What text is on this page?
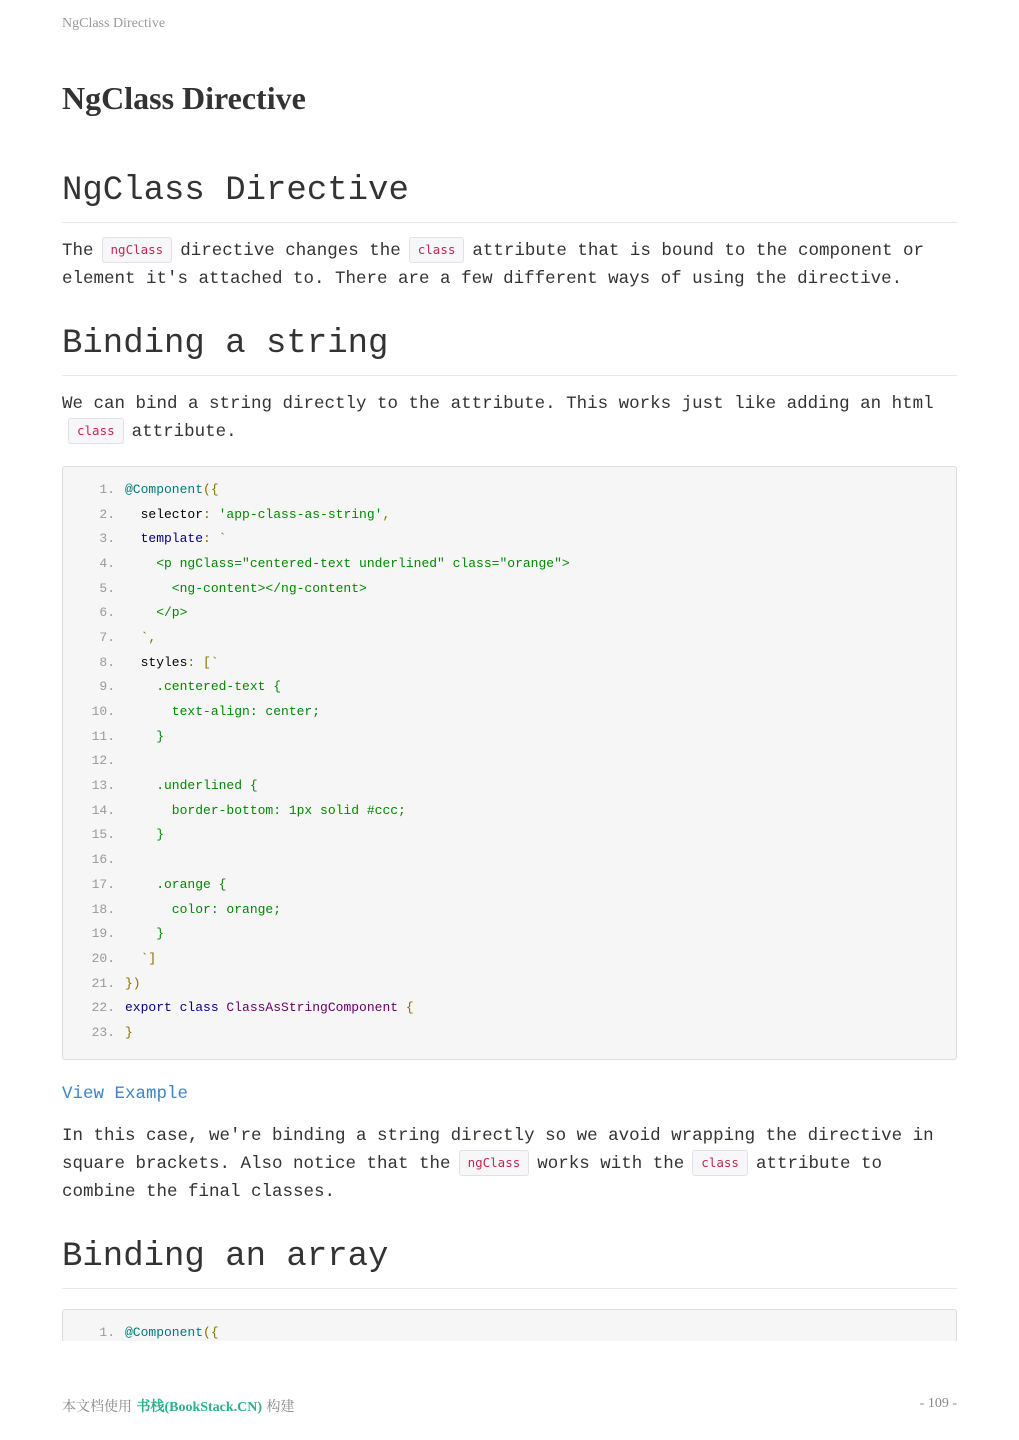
NgClass Directive
NgClass Directive
NgClass Directive

The ngClass directive changes the class attribute that is bound to the component or element it's attached to. There are a few different ways of using the directive.

Binding a string

We can bind a string directly to the attribute. This works just like adding an html
class attribute.

1. @Component({
2. selector: 'app-class-as-string',
3. template: `
4. <p ngClass="centered-text underlined" class="orange">
5. <ng-content></ng-content>
6. </p>
7. `,
8. styles: [`
9. .centered-text {
10. text-align: center;
11. }
12.
13. .underlined {
14. border-bottom: 1px solid #ccc;
15. }
16.
17. .orange {
18. color: orange;
19. }
20. `]
21. })
22. export class ClassAsStringComponent {
23. }

View Example

In this case, we're binding a string directly so we avoid wrapping the directive in square brackets. Also notice that the ngClass works with the class attribute to combine the final classes.

Binding an array
1. @Component({
本文档使用 书栈(BookStack.CN) 构建	- 109 -
